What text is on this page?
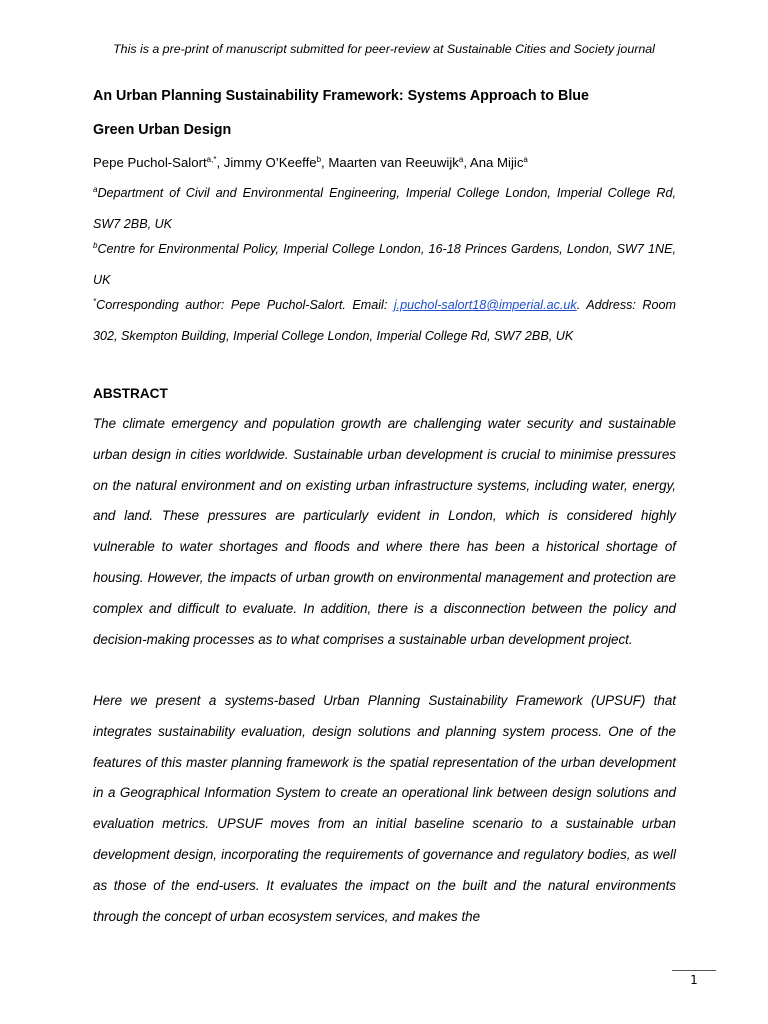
This is a pre-print of manuscript submitted for peer-review at Sustainable Cities and Society journal
An Urban Planning Sustainability Framework: Systems Approach to Blue
Green Urban Design
Pepe Puchol-Salort$^{a,*}$, Jimmy O’Keeffe$^b$, Maarten van Reeuwijk$^a$, Ana Mijic$^a$
$^a$Department of Civil and Environmental Engineering, Imperial College London, Imperial College Rd, SW7 2BB, UK
$^b$Centre for Environmental Policy, Imperial College London, 16-18 Princes Gardens, London, SW7 1NE, UK
*Corresponding author: Pepe Puchol-Salort. Email: j.puchol-salort18@imperial.ac.uk. Address: Room 302, Skempton Building, Imperial College London, Imperial College Rd, SW7 2BB, UK
ABSTRACT

The climate emergency and population growth are challenging water security and sustainable urban design in cities worldwide. Sustainable urban development is crucial to minimise pressures on the natural environment and on existing urban infrastructure systems, including water, energy, and land. These pressures are particularly evident in London, which is considered highly vulnerable to water shortages and floods and where there has been a historical shortage of housing. However, the impacts of urban growth on environmental management and protection are complex and difficult to evaluate. In addition, there is a disconnection between the policy and decision-making processes as to what comprises a sustainable urban development project.

Here we present a systems-based Urban Planning Sustainability Framework (UPSUF) that integrates sustainability evaluation, design solutions and planning system process. One of the features of this master planning framework is the spatial representation of the urban development in a Geographical Information System to create an operational link between design solutions and evaluation metrics. UPSUF moves from an initial baseline scenario to a sustainable urban development design, incorporating the requirements of governance and regulatory bodies, as well as those of the end-users. It evaluates the impact on the built and the natural environments through the concept of urban ecosystem services, and makes the

1
